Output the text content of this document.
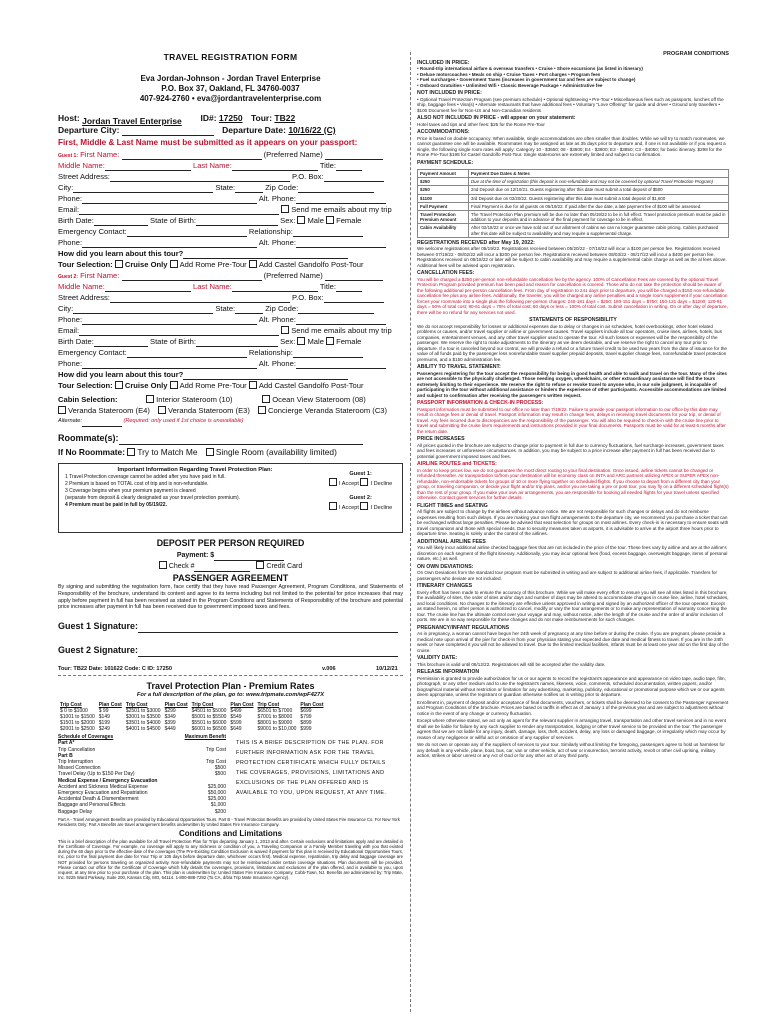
TRAVEL REGISTRATION FORM
Eva Jordan-Johnson - Jordan Travel Enterprise
P.O. Box 37, Oakland, FL 34760-0037
407-924-2760 • eva@jordantravelenterprise.com
Host: Jordan Travel Enterprise ID#: 17250 Tour: TB22
Departure City:	Departure Date: 10/16/22 (C)
First, Middle & Last Name must be submitted as it appears on your passport:
Guest 1: First Name:	(Preferred Name)
Middle Name:	Last Name:	Title:
Street Address:	P.O. Box:
City:	State:	Zip Code:
Phone:	Alt. Phone:
Email:	Send me emails about my trip
Birth Date:	State of Birth:	Sex: Male Female
Emergency Contact:	Relationship:
Phone:	Alt. Phone:
How did you learn about this tour?
Tour Selection: Cruise Only Add Rome Pre-Tour Add Castel Gandolfo Post-Tour
Guest 2: First Name:	(Preferred Name)
Middle Name:	Last Name:	Title:
Street Address:	P.O. Box:
City:	State:	Zip Code:
Phone:	Alt. Phone:
Email:	Send me emails about my trip
Birth Date:	State of Birth:	Sex: Male Female
Emergency Contact:	Relationship:
Phone:	Alt. Phone:
How did you learn about this tour?
Tour Selection: Cruise Only Add Rome Pre-Tour Add Castel Gandolfo Post-Tour
Cabin Selection:	Interior Stateroom (10)	Ocean View Stateroom (08)
Veranda Stateroom (E4) Veranda Stateroom (E3) Concierge Veranda Stateroom (C3)
Alternate:	(Required: only used if 1st choice is unavailable)
Roommate(s):
If No Roommate: Try to Match Me Single Room (availability limited)
Important Information Regarding Travel Protection Plan:
1 Travel Protection coverage cannot be added after you have paid in full.
2 Premium is based on TOTAL cost of trip and is non-refundable.
3 Coverage begins when your premium payment is cleared
(separate from deposit & clearly designated as your travel protection premium).
4 Premium must be paid in full by 05/19/22.
Guest 1:
I Accept I Decline
Guest 2:
I Accept I Decline
DEPOSIT PER PERSON REQUIRED
Payment: $
Check #	Credit Card
PASSENGER AGREEMENT
By signing and submitting the registration form, face certify that they have read Passenger Agreement, Program Conditions, and Statements of Responsibility of the brochure, understand its content and agree to its terms including but not limited to the potential for price increases that may apply before payment in full has been received as stated in the Program Conditions and Statements of Responsibility of the brochure and potential price increases after payment in full has been received due to government imposed taxes and fees.
Guest 1 Signature:
Guest 2 Signature:
Tour: TB22 Date: 101622 Code: C ID: 17250	v.006	10/12/21
Travel Protection Plan - Premium Rates
For a full description of the plan, go to: www.tripmate.com/wpF427X
Trip Cost	Plan Cost
$ 0 to $1000	$ 99
$1001 to $1500	$149
$1501 to $2000	$199
$2001 to $2500	$249
Trip Cost	Plan Cost
$2501 to $3000	$299
$3001 to $3500	$349
$3501 to $4000	$399
$4001 to $4500	$449
Trip Cost	Plan Cost
$4501 to $5000	$499
$5001 to $5500	$549
$5501 to $6000	$599
$6001 to $6500	$649
Trip Cost	Plan Cost
$6501 to $7000	$699
$7001 to $8000	$799
$8001 to $9000	$899
$9001 to $10,000	$999
Schedule of Coverages	Maximum Benefit
Part A*
Trip Cancellation	Trip Cost
Part B
Trip Interruption	Trip Cost
Missed Connection	$500
Travel Delay (Up to $150 Per Day)	$500
Medical Expense / Emergency Evacuation
Accident and Sickness Medical Expense	$25,000
Emergency Evacuation and Repatriation	$50,000
Accidental Death & Dismemberment	$25,000
Baggage and Personal Effects	$1,000
Baggage Delay	$200
THIS IS A BRIEF DESCRIPTION OF THE PLAN. FOR FURTHER INFORMATION ASK FOR THE TRAVEL PROTECTION CERTIFICATE WHICH FULLY DETAILS THE COVERAGES, PROVISIONS, LIMITATIONS AND EXCLUSIONS OF THE PLAN OFFERED AND IS AVAILABLE TO YOU, UPON REQUEST, AT ANY TIME.
Part A - Travel Arrangement Benefits are provided by Educational Opportunities Tours. Part B - Travel Protection Benefits are provided by United States Fire Insurance Co. For New York Residents Only: Part A Benefits are travel arrangement benefits underwritten by United States Fire Insurance Company.
Conditions and Limitations
This is a brief description of the plan available for all Travel Protection Plan for Trips departing January 1, 2013 and after. Certain exclusions and limitations apply and are detailed in the Certificate of Coverage. For example, no coverage will apply to any Sickness or condition of you, a Traveling Companion or a Family Member traveling with you that existed during the 60 days prior to the effective date of the coverages (The Pre-Existing Condition Exclusion is waived if payment for this plan is received by Educational Opportunities Tours, Inc. prior to the final payment due date for Your Trip or 105 days before departure date, whichever occurs first). Medical expense, repatriation, trip delay and baggage coverage are NOT provided for persons traveling on organized activity. Non-refundable payments may not be reimbursed under certain coverage situations. Plan documents will be provided. Please contact our office for the Certificate of Coverage which fully details the coverages, provisions, limitations and exclusions of the plan offered, and is available to you, upon request, at any time prior to your purchase of the plan. This plan is underwritten by: United States Fire Insurance Company, Cobb-Town, NJ. Benefits are administered by: Trip Mate, Inc. 9225 Ward Parkway, Suite 200, Kansas City, MO, 64114. 1-800-888-7292 (To CA, d/b/a Trip Mate Insurance Agency).
PROGRAM CONDITIONS
INCLUDED IN PRICE:
• Round-trip international airfare & overseas transfers • Cruise • Shore excursions (as listed in itinerary)
• Deluxe motorcoaches • Meals on ship • Cruise Taxes • Port charges • Program fees
• Fuel surcharges • Government Taxes (increases in government tax and fees are subject to change)
• Onboard Gratuities • Unlimited Wifi • Classic Beverage Package • Administrative fee
NOT INCLUDED IN PRICE:
• Optional Travel Protection Program (see premium schedule) • Optional sightseeing • Pre-Tour • Miscellaneous fees such as passports, lunches off the ship, baggage fees • Visa(s) • Alternate restaurants that have additional fees • Voluntary "Love Offering" for guide and driver • Ground only travellers • $100 Document fee for Non-US and Non-Canadian residents
ALSO NOT INCLUDED IN PRICE - will appear on your statement:
Hotel taxes and tips and other fees: $25 for the Rome Pre-Tour
ACCOMMODATIONS:
Price is based on double occupancy. When available, single accommodations are often smaller than doubles. While we will try to match roommates, we cannot guarantee one will be available. Roommates may be assigned as late as 35 days prior to departure and, if one is not available or if you request a single, the following single room rates will apply: Category 10 - $3550; 08 - $3600; E4 - $3800; E3 - $3850; C3 - $4050; for basic itinerary. $298 for the Rome Pre-Tour $198 for Castel Gandolfo Post-Tour. Single staterooms are extremely limited and subject to confirmation.
PAYMENT SCHEDULE:
Payment Amount	Payment Due Dates & Notes
$250	Due at the time of registration (this deposit is non-refundable and may not be covered by optional Travel Protection Program)
$250	2nd Deposit due on 12/10/21. Guests registering after this date must submit a total deposit of $500
$1100	3rd Deposit due on 03/20/22. Guests registering after this date must submit a total deposit of $1,600
Full Payment	Final Payment is due for all guests on 05/19/22. If paid after the due date, a late payment fee of $100 will be assessed.
Travel Protection Premium Amount	The Travel Protection Plan premium will be due no later than 05/19/22 to be in full effect. Travel protection premium must be paid in addition to your deposits and in advance of the final payment for coverage to be in effect.
Cabin Availability	After 02/18/22 or once we have sold out of our allotment of cabins we can no longer guarantee cabin pricing. Cabins purchased after this date will be subject to availability and may require a supplemental charge.
REGISTRATIONS RECEIVED after May 19, 2022:
We welcome registrations after 05/19/22. Registrations received between 05/20/22 - 07/18/22 will incur a $100 per person fee. Registrations received between 07/19/22 - 08/02/22 will incur a $200 per person fee. Registrations received between 08/03/22 - 08/17/22 will incur a $400 per person fee. Registrations received on 08/18/22 or later will be subject to cabin availability and may require a supplemental cabin charge as well as the al fees above. Additional fees will be advised upon registration.
CANCELLATION FEES:
You will be charged a $250 per-person non-refundable cancellation fee by the agency. 100% of Cancellation Fees are covered by the optional Travel Protection Program provided premium has been paid and reason for cancellation is covered. Those who do not take the protection should be aware of the following additional per-person cancellation fees. From day of registration to 241 days prior to departure, you will be charged a $150 non-refundable cancellation fee plus any airline fees. Additionally, the traveler, you will be charged any airline penalties and a single room supplement if your cancellation forces your roommate into a single plus the following per-person charges: 240-181 days = $250; 180-151 days = $750; 150-121 days = $1200; 120-91 days = 50% of total cost; 90-61 days = 75% of total cost; 60 days or less = 100% of total cost. Submit cancellation in writing. On or after day of departure, there will be no refund for any services not used.
STATEMENTS OF RESPONSIBILITY
We do not accept responsibility for losses or additional expenses due to delay or changes in air schedules, hotel overbookings, other hotel related problems or causes, and/or travel supplier or airline or government causes. Travel suppliers include all tour operators, cruise lines, airlines, hotels, bus companies, entertainment venues, and any other travel supplier used to operate the tour. All such losses or expenses will be the responsibility of the passenger. We reserve the right to make adjustments to the itinerary as we deem desirable, and we reserve the right to cancel any tour prior to departure. If a tour is canceled beyond our control, we will provide a refund or a future travel credit to be used two years from the date of issuance for the value of all funds paid by the passenger less nonrefundable travel supplier prepaid deposits, travel supplier change fees, nonrefundable travel protection premiums, and a $150 administration fee.
ABILITY TO TRAVEL STATEMENT:
Passengers registering for the tour accept the responsibility for being in good health and able to walk and travel on the tour. Many of the sites are not accessible to the physically challenged. Those needing oxygen, wheelchairs, or other extraordinary assistance will find the tours extremely limiting to their experience. We reserve the right to refuse or revoke travel to anyone who, in our sole judgment, is incapable of participating in the tour without additional assistance or hinders the experience of other participants. Accessible accommodations are limited and subject to confirmation after receiving the passenger's written request.
PASSPORT INFORMATION & CHECK-IN PROCESS:
Passport information must be submitted to our office no later than 7/19/22. Failure to provide your passport information to our office by this date may result in change fees or denial of travel. Passport information may result in change fees, delays in receiving travel documents for your trip, or denial of travel. Any fees incurred due to discrepancies are the responsibility of the passenger. You will also be required to check-in with the cruise line prior to travel and submitting the cruise line's requirements and instructions provided in your final documents. Passports must be valid for at least 6 months after the return date.
PRICE INCREASES
All prices quoted in the brochure are subject to change prior to payment in full due to currency fluctuations, fuel surcharge increases, government taxes and fees increases or unforeseen circumstances. In addition, you may be subject to a price increase after payment in full has been received due to potential government imposed taxes and fees.
AIRLINE ROUTES and TICKETS:
In order to keep prices low, we do not guarantee the most direct routing to your final destination. Once issued, airline tickets cannot be changed or refunded thereafter. Air transportation to/from your destination will be economy class on INTA and ARC partners utilizing APEX or SUPER APEX non-refundable, non-endorsable tickets for groups of 10 or more flying together on scheduled flights. If you choose to depart from a different city than your group, or traveling companion, or decide your flight and/or trip plans, and/or you are taking a pre or post tour, you may fly on a different scheduled flight(s) than the rest of your group. If you make your own air arrangements, you are responsible for booking all needed flights for your travel unless specified otherwise. Contact guest services for further details.
FLIGHT TIMES and SEATING
All flights are subject to change by the airlines without advance notice. We are not responsible for such changes or delays and do not reimburse expenses resulting from such delays. If you are making your own flight arrangements to the departure city, we recommend you purchase a ticket that can be exchanged without large penalties. Please be advised that seat selection for groups on most airlines. Every check-in is necessary to ensure seats with travel companions and those with special needs. Due to security measures taken at airports, it is advisable to arrive at the airport three hours prior to departure time. Seating is solely under the control of the airlines.
ADDITIONAL AIRLINE FEES
You will likely incur additional airline checked baggage fees that are not included in the price of the tour. These fees vary by airline and are at the airline's discretion on each segment of the flight itinerary. Additionally, you may incur optional fees (food, excess baggage, overweight baggage, items of personal nature, etc.) as well.
ON OWN DEVIATIONS:
On Own Deviations from the standard tour program must be submitted in writing and are subject to additional airline fees, if applicable. Transfers for passengers who deviate are not included.
ITINERARY CHANGES
Every effort has been made to ensure the accuracy of this brochure. While we will make every effort to ensure you will see all sites listed in this brochure, the availability of sites, the order of sites and/or days and number of days may be altered to accommodate changes in cruise line, airline, hotel schedules, and local conditions. No changes to the itinerary are effective unless approved in writing and signed by an authorized officer of the tour operator. Except as stated herein, no other person is authorized to cancel, modify or vary the tour arrangements or to make any representation of warranty concerning the tour. The cruise line has the ultimate control over your voyage and may, without notice, alter the length of the cruise and the order of and/or inclusion of ports. We are in no way responsible for these changes and do not make reimbursements for such changes.
PREGNANCY/INFANT REGULATIONS
As in pregnancy, a woman cannot have begun her 24th week of pregnancy at any time before or during the cruise. If you are pregnant, please provide a medical note upon arrival of the pier for check-in from your physician stating your expected due date and medical fitness to travel. If you are in the 24th week or have completed it you will not be allowed to travel. Due to the limited medical facilities, infants must be at least one year old on the first day of the cruise.
VALIDITY DATE:
This brochure is valid until 06/12/22. Registrations will still be accepted after the validity date.
RELEASE INFORMATION
Permission is granted to provide authorization for us or our agents to record the registrant's appearance and appearance on video tape, audio tape, film, photograph, or any other medium and to use the registrant's names, likeness, voice, comments, scheduled documentation, written papers, and/or biographical material without restriction or limitation for any advertising, marketing, publicity, educational or promotional purpose which we or our agents deem appropriate, unless the registrant or guardian otherwise notifies us in writing prior to departure.
Enrollment in, payment of deposit and/or acceptance of final documents, vouchers, or tickets shall be deemed to be consent to the Passenger Agreement and Program Conditions of the brochure. Prices are based on tariffs in effect as of January 1 of the previous year and are subject to adjustment without notice in the event of any change or currency fluctuation.
Except where otherwise stated, we act only as agent for the relevant supplier in arranging travel, transportation and other travel services and in no event shall we be liable for failure by any such supplier to render any transportation, lodging or other travel service to be provided on the tour. The passenger agrees that we are not liable for any injury, death, damage, loss, theft, accident, delay, any loss or damaged baggage, or irregularity which may occur by reason of any negligence or willful act or omission of any supplier of services.
We do not own or operate any of the suppliers of services to your tour. Similarly without limiting the foregoing, passengers agree to hold us harmless for any default in any vehicle, plane, boat, bus, car, van or other vehicle, act of war or insurrection, terrorist activity, revolt or other civil uprising, military action, strikes or labor unrest or any Act of God or for any other act of any third party.
